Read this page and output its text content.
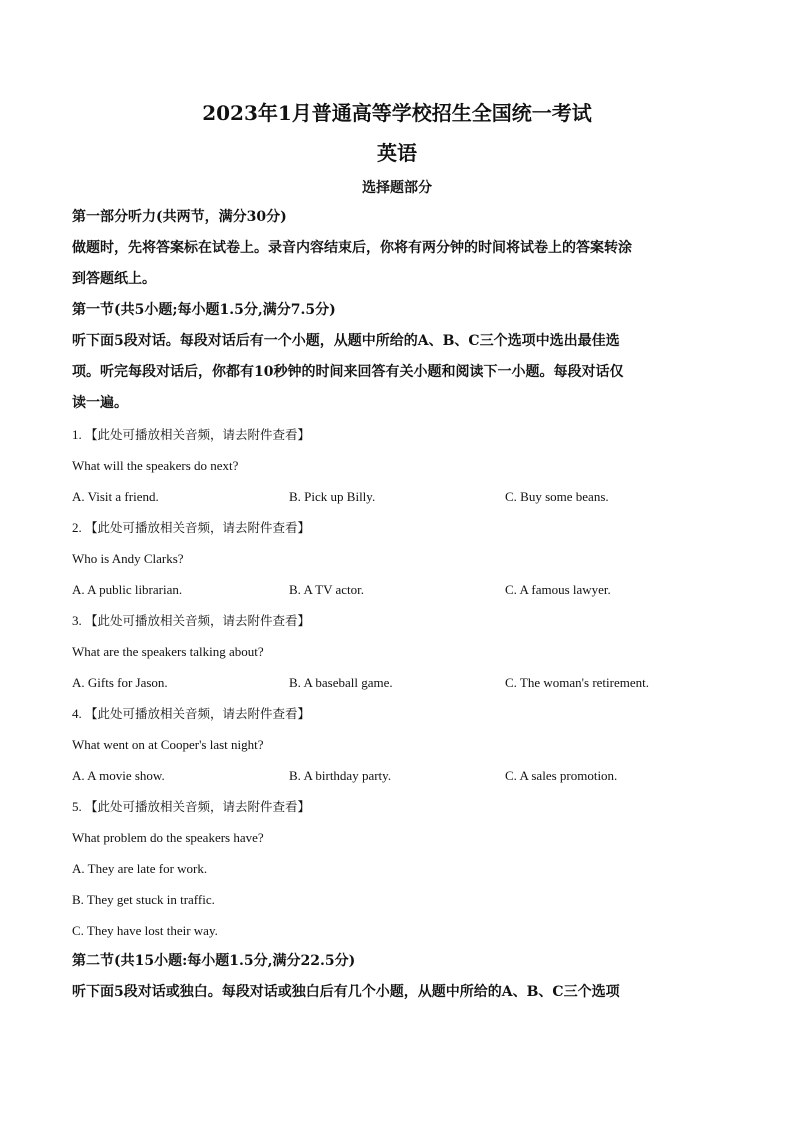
2023年1月普通高等学校招生全国统一考试

英语

选择题部分

第一部分听力(共两节，满分30分)

做题时，先将答案标在试卷上。录音内容结束后，你将有两分钟的时间将试卷上的答案转涂

到答题纸上。

第一节(共5小题;每小题1.5分,满分7.5分)

听下面5段对话。每段对话后有一个小题，从题中所给的A、B、C三个选项中选出最佳选

项。听完每段对话后，你都有10秒钟的时间来回答有关小题和阅读下一小题。每段对话仅

读一遍。

1. 【此处可播放相关音频，请去附件查看】

What will the speakers do next?

A. Visit a friend.	B. Pick up Billy.	C. Buy some beans.

2. 【此处可播放相关音频，请去附件查看】

Who is Andy Clarks?

A. A public librarian.	B. A TV actor.	C. A famous lawyer.

3. 【此处可播放相关音频，请去附件查看】

What are the speakers talking about?

A. Gifts for Jason.	B. A baseball game.	C. The woman's retirement.

4. 【此处可播放相关音频，请去附件查看】

What went on at Cooper's last night?

A. A movie show.	B. A birthday party.	C. A sales promotion.

5. 【此处可播放相关音频，请去附件查看】

What problem do the speakers have?

A. They are late for work.

B. They get stuck in traffic.

C. They have lost their way.

第二节(共15小题:每小题1.5分,满分22.5分)

听下面5段对话或独白。每段对话或独白后有几个小题，从题中所给的A、B、C三个选项
